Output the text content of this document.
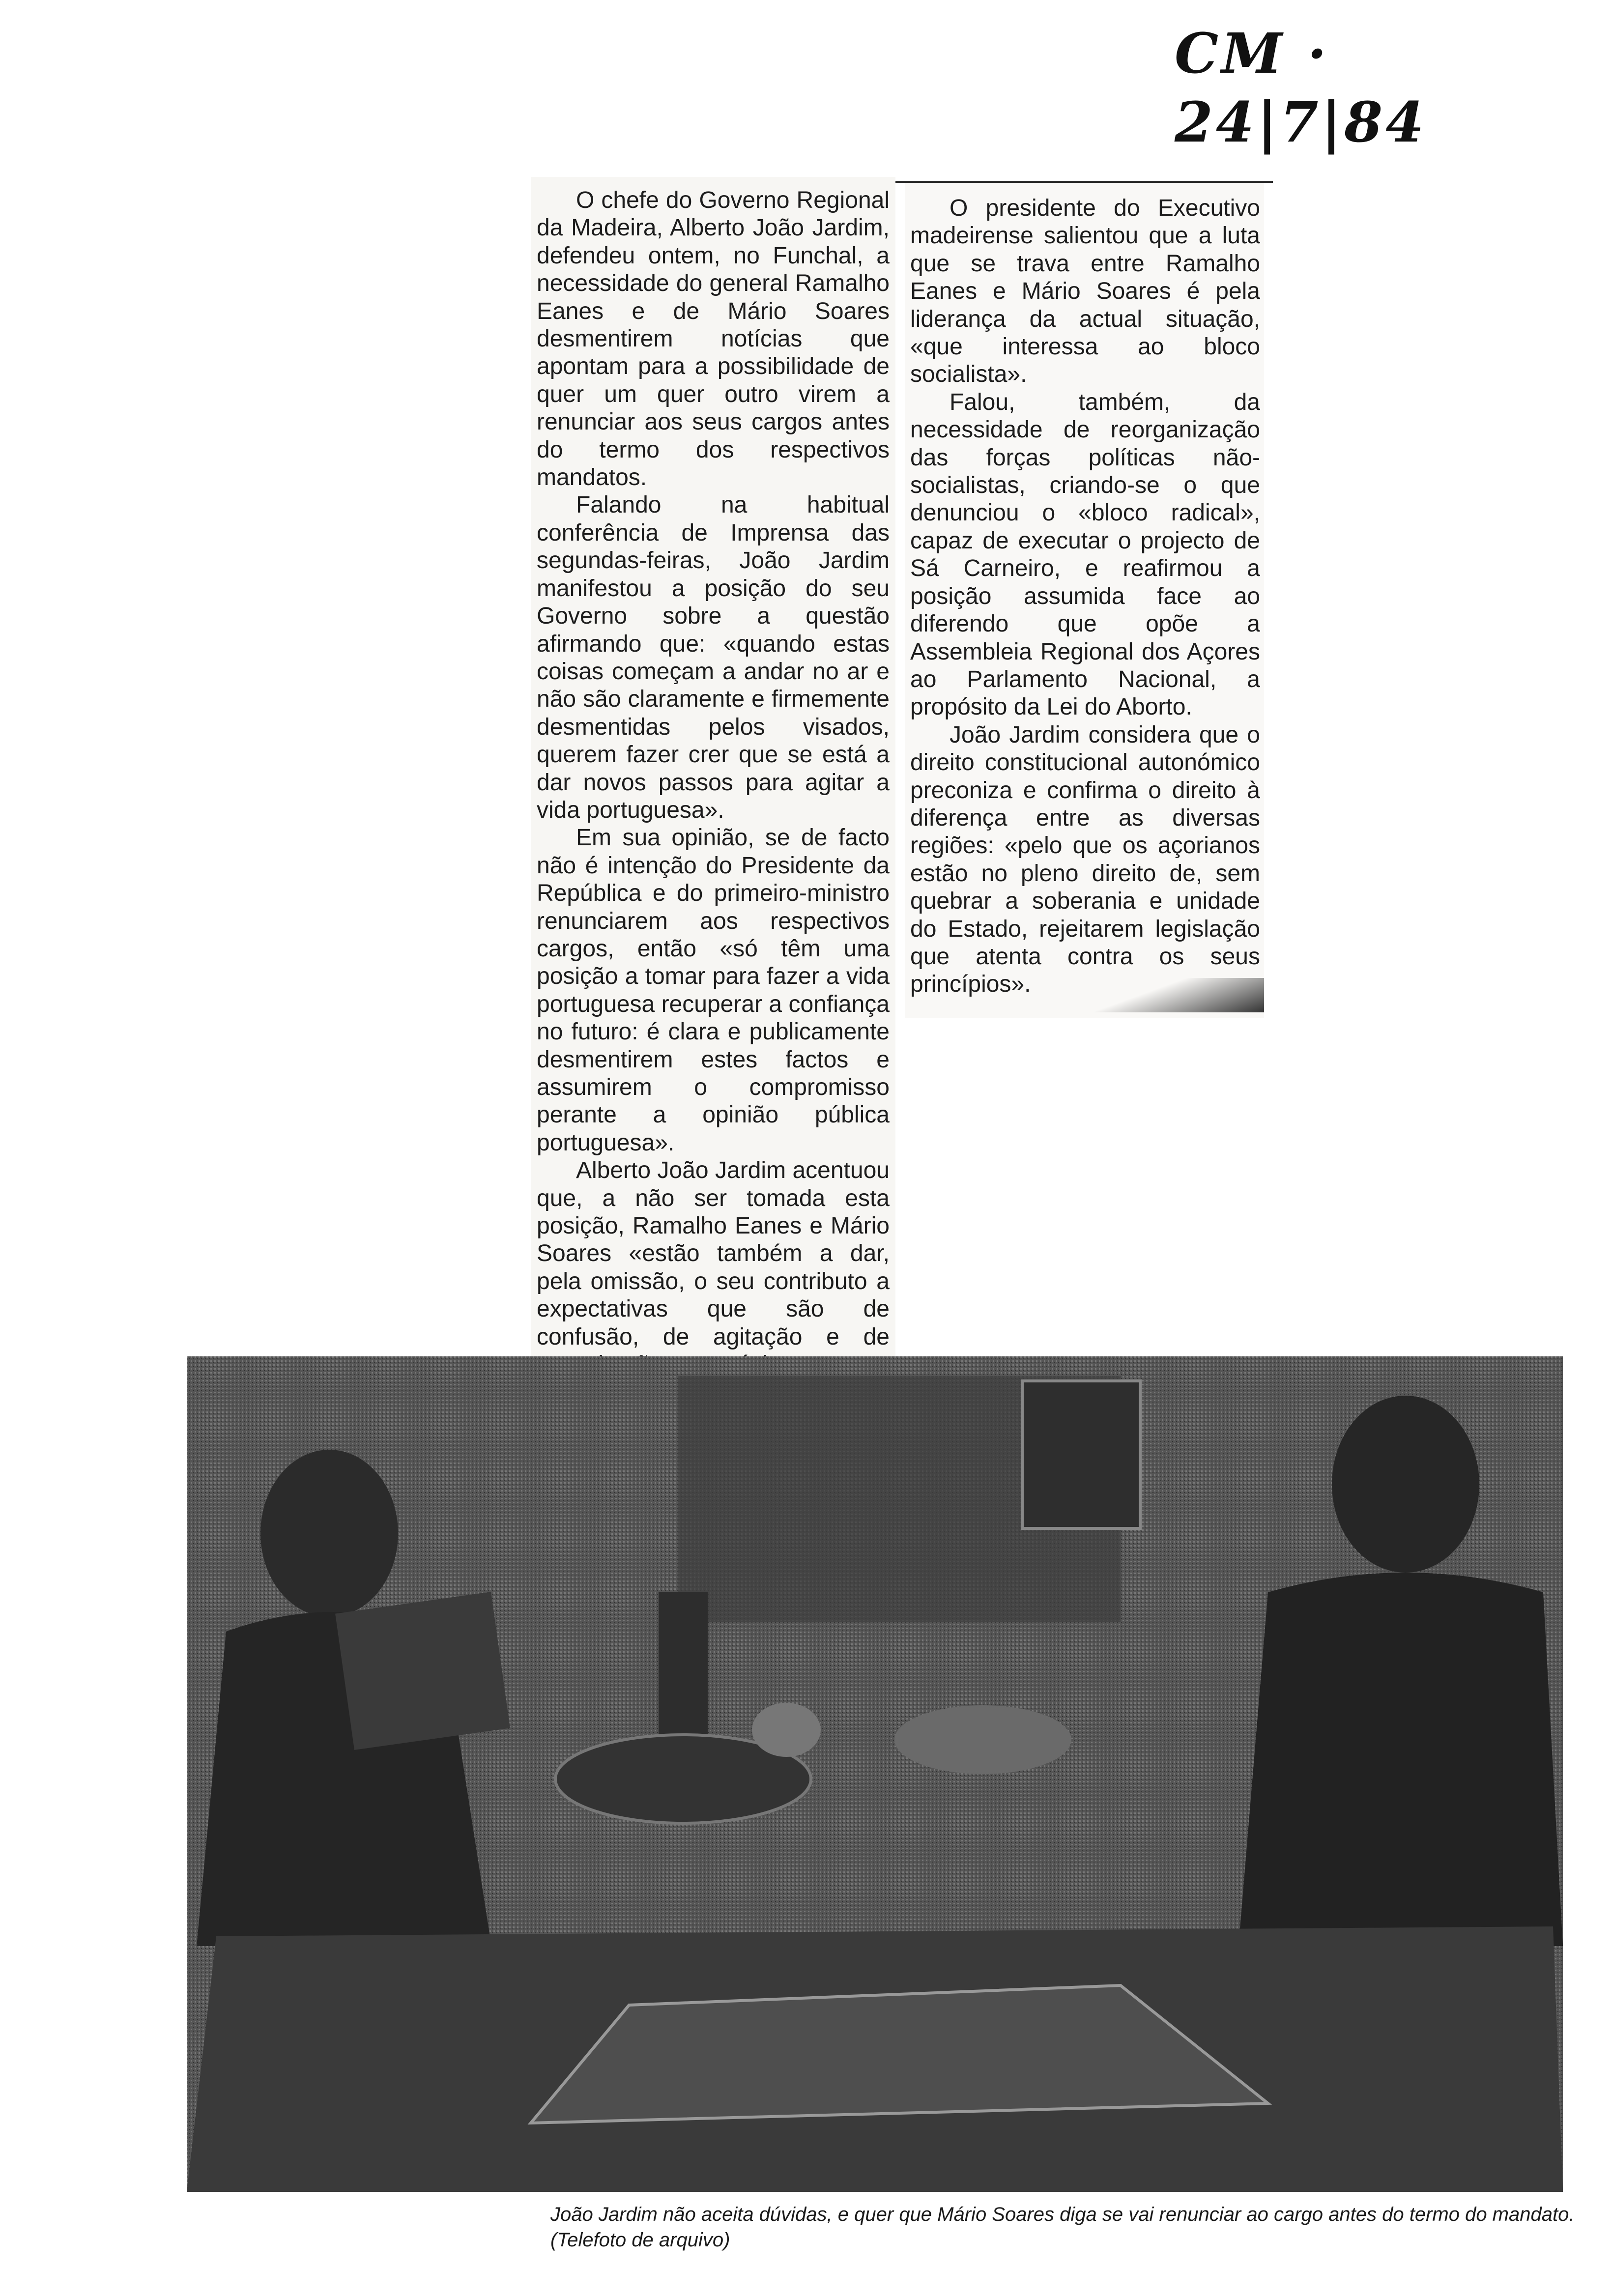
CM · 24|7|84

O chefe do Governo Regional da Madeira, Alberto João Jardim, defendeu ontem, no Funchal, a necessidade do general Ramalho Eanes e de Mário Soares desmentirem notícias que apontam para a possibilidade de quer um quer outro virem a renunciar aos seus cargos antes do termo dos respectivos mandatos.

Falando na habitual conferência de Imprensa das segundas-feiras, João Jardim manifestou a posição do seu Governo sobre a questão afirmando que: «quando estas coisas começam a andar no ar e não são claramente e firmemente desmentidas pelos visados, querem fazer crer que se está a dar novos passos para agitar a vida portuguesa».

Em sua opinião, se de facto não é intenção do Presidente da República e do primeiro-ministro renunciarem aos respectivos cargos, então «só têm uma posição a tomar para fazer a vida portuguesa recuperar a confiança no futuro: é clara e publicamente desmentirem estes factos e assumirem o compromisso perante a opinião pública portuguesa».

Alberto João Jardim acentuou que, a não ser tomada esta posição, Ramalho Eanes e Mário Soares «estão também a dar, pela omissão, o seu contributo a expectativas que são de confusão, de agitação e de

O presidente do Executivo madeirense salientou que a luta que se trava entre Ramalho Eanes e Mário Soares é pela liderança da actual situação, «que interessa ao bloco socialista».

Falou, também, da necessidade de reorganização das forças políticas não-socialistas, criando-se o que denunciou o «bloco radical», capaz de executar o projecto de Sá Carneiro, e reafirmou a posição assumida face ao diferendo que opõe a Assembleia Regional dos Açores ao Parlamento Nacional, a propósito da Lei do Aborto.

João Jardim considera que o direito constitucional autonómico preconiza e confirma o direito à diferença entre as diversas regiões: «pelo que os açorianos estão no pleno direito de, sem quebrar a soberania e unidade do Estado, rejeitarem legislação que atenta contra os seus princípios».

João Jardim não aceita dúvidas, e quer que Mário Soares diga se vai renunciar ao cargo antes do termo do mandato. (Telefoto de arquivo)
